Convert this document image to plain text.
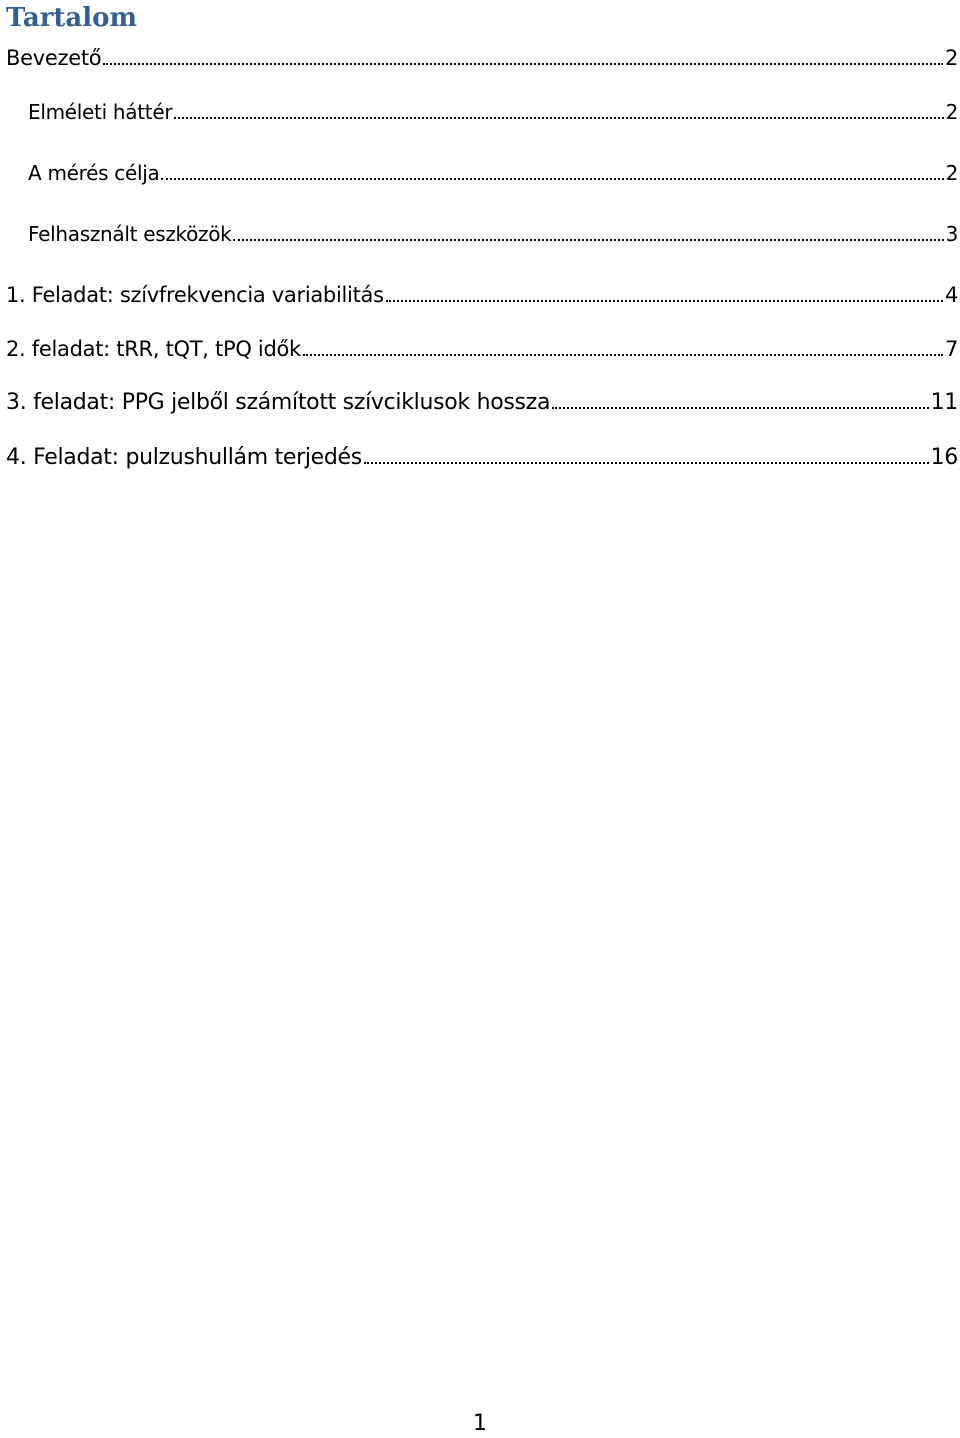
Tartalom
Bevezető	2
Elméleti háttér	2
A mérés célja	2
Felhasznált eszközök	3
1. Feladat: szívfrekvencia variabilitás	4
2. feladat: tRR, tQT, tPQ idők	7
3. feladat: PPG jelből számított szívciklusok hossza	11
4. Feladat: pulzushullám terjedés	16
1
